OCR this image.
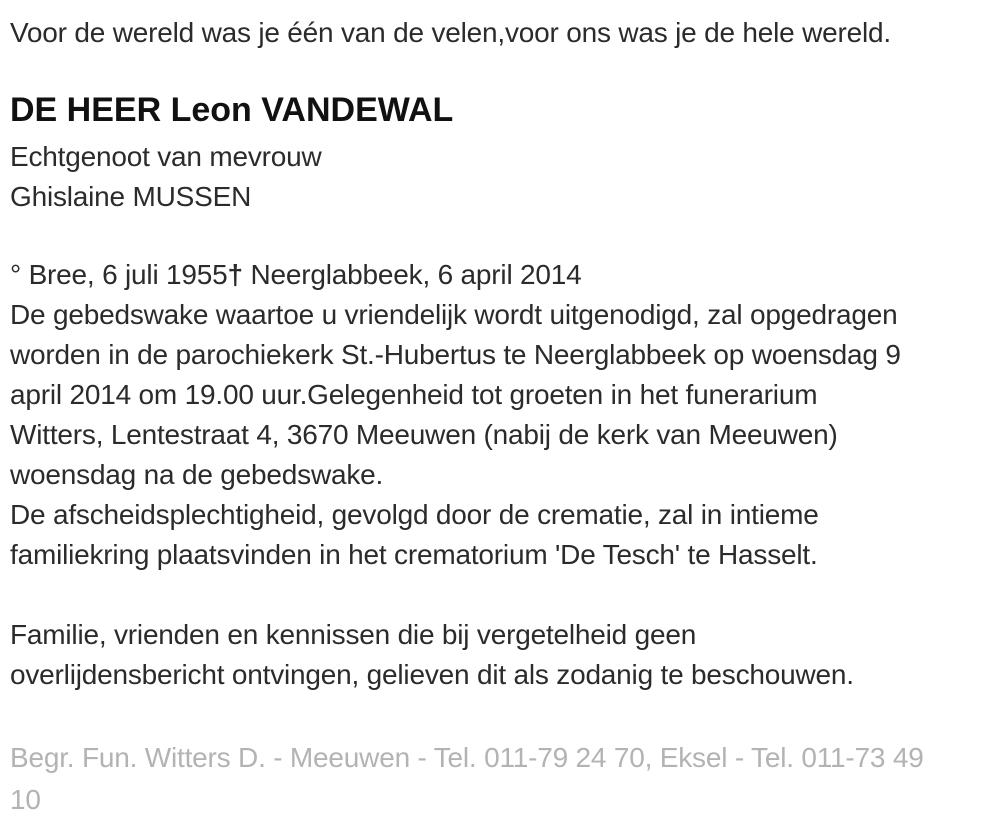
Voor de wereld was je één van de velen,voor ons was je de hele wereld.
DE HEER Leon VANDEWAL
Echtgenoot van mevrouw
Ghislaine MUSSEN
° Bree, 6 juli 1955† Neerglabbeek, 6 april 2014
De gebedswake waartoe u vriendelijk wordt uitgenodigd, zal opgedragen
worden in de parochiekerk St.-Hubertus te Neerglabbeek op woensdag 9
april 2014 om 19.00 uur.Gelegenheid tot groeten in het funerarium
Witters, Lentestraat 4, 3670 Meeuwen (nabij de kerk van Meeuwen)
woensdag na de gebedswake.
De afscheidsplechtigheid, gevolgd door de crematie, zal in intieme
familiekring plaatsvinden in het crematorium 'De Tesch' te Hasselt.
Familie, vrienden en kennissen die bij vergetelheid geen
overlijdensbericht ontvingen, gelieven dit als zodanig te beschouwen.
Begr. Fun. Witters D. - Meeuwen - Tel. 011-79 24 70, Eksel - Tel. 011-73 49
10
